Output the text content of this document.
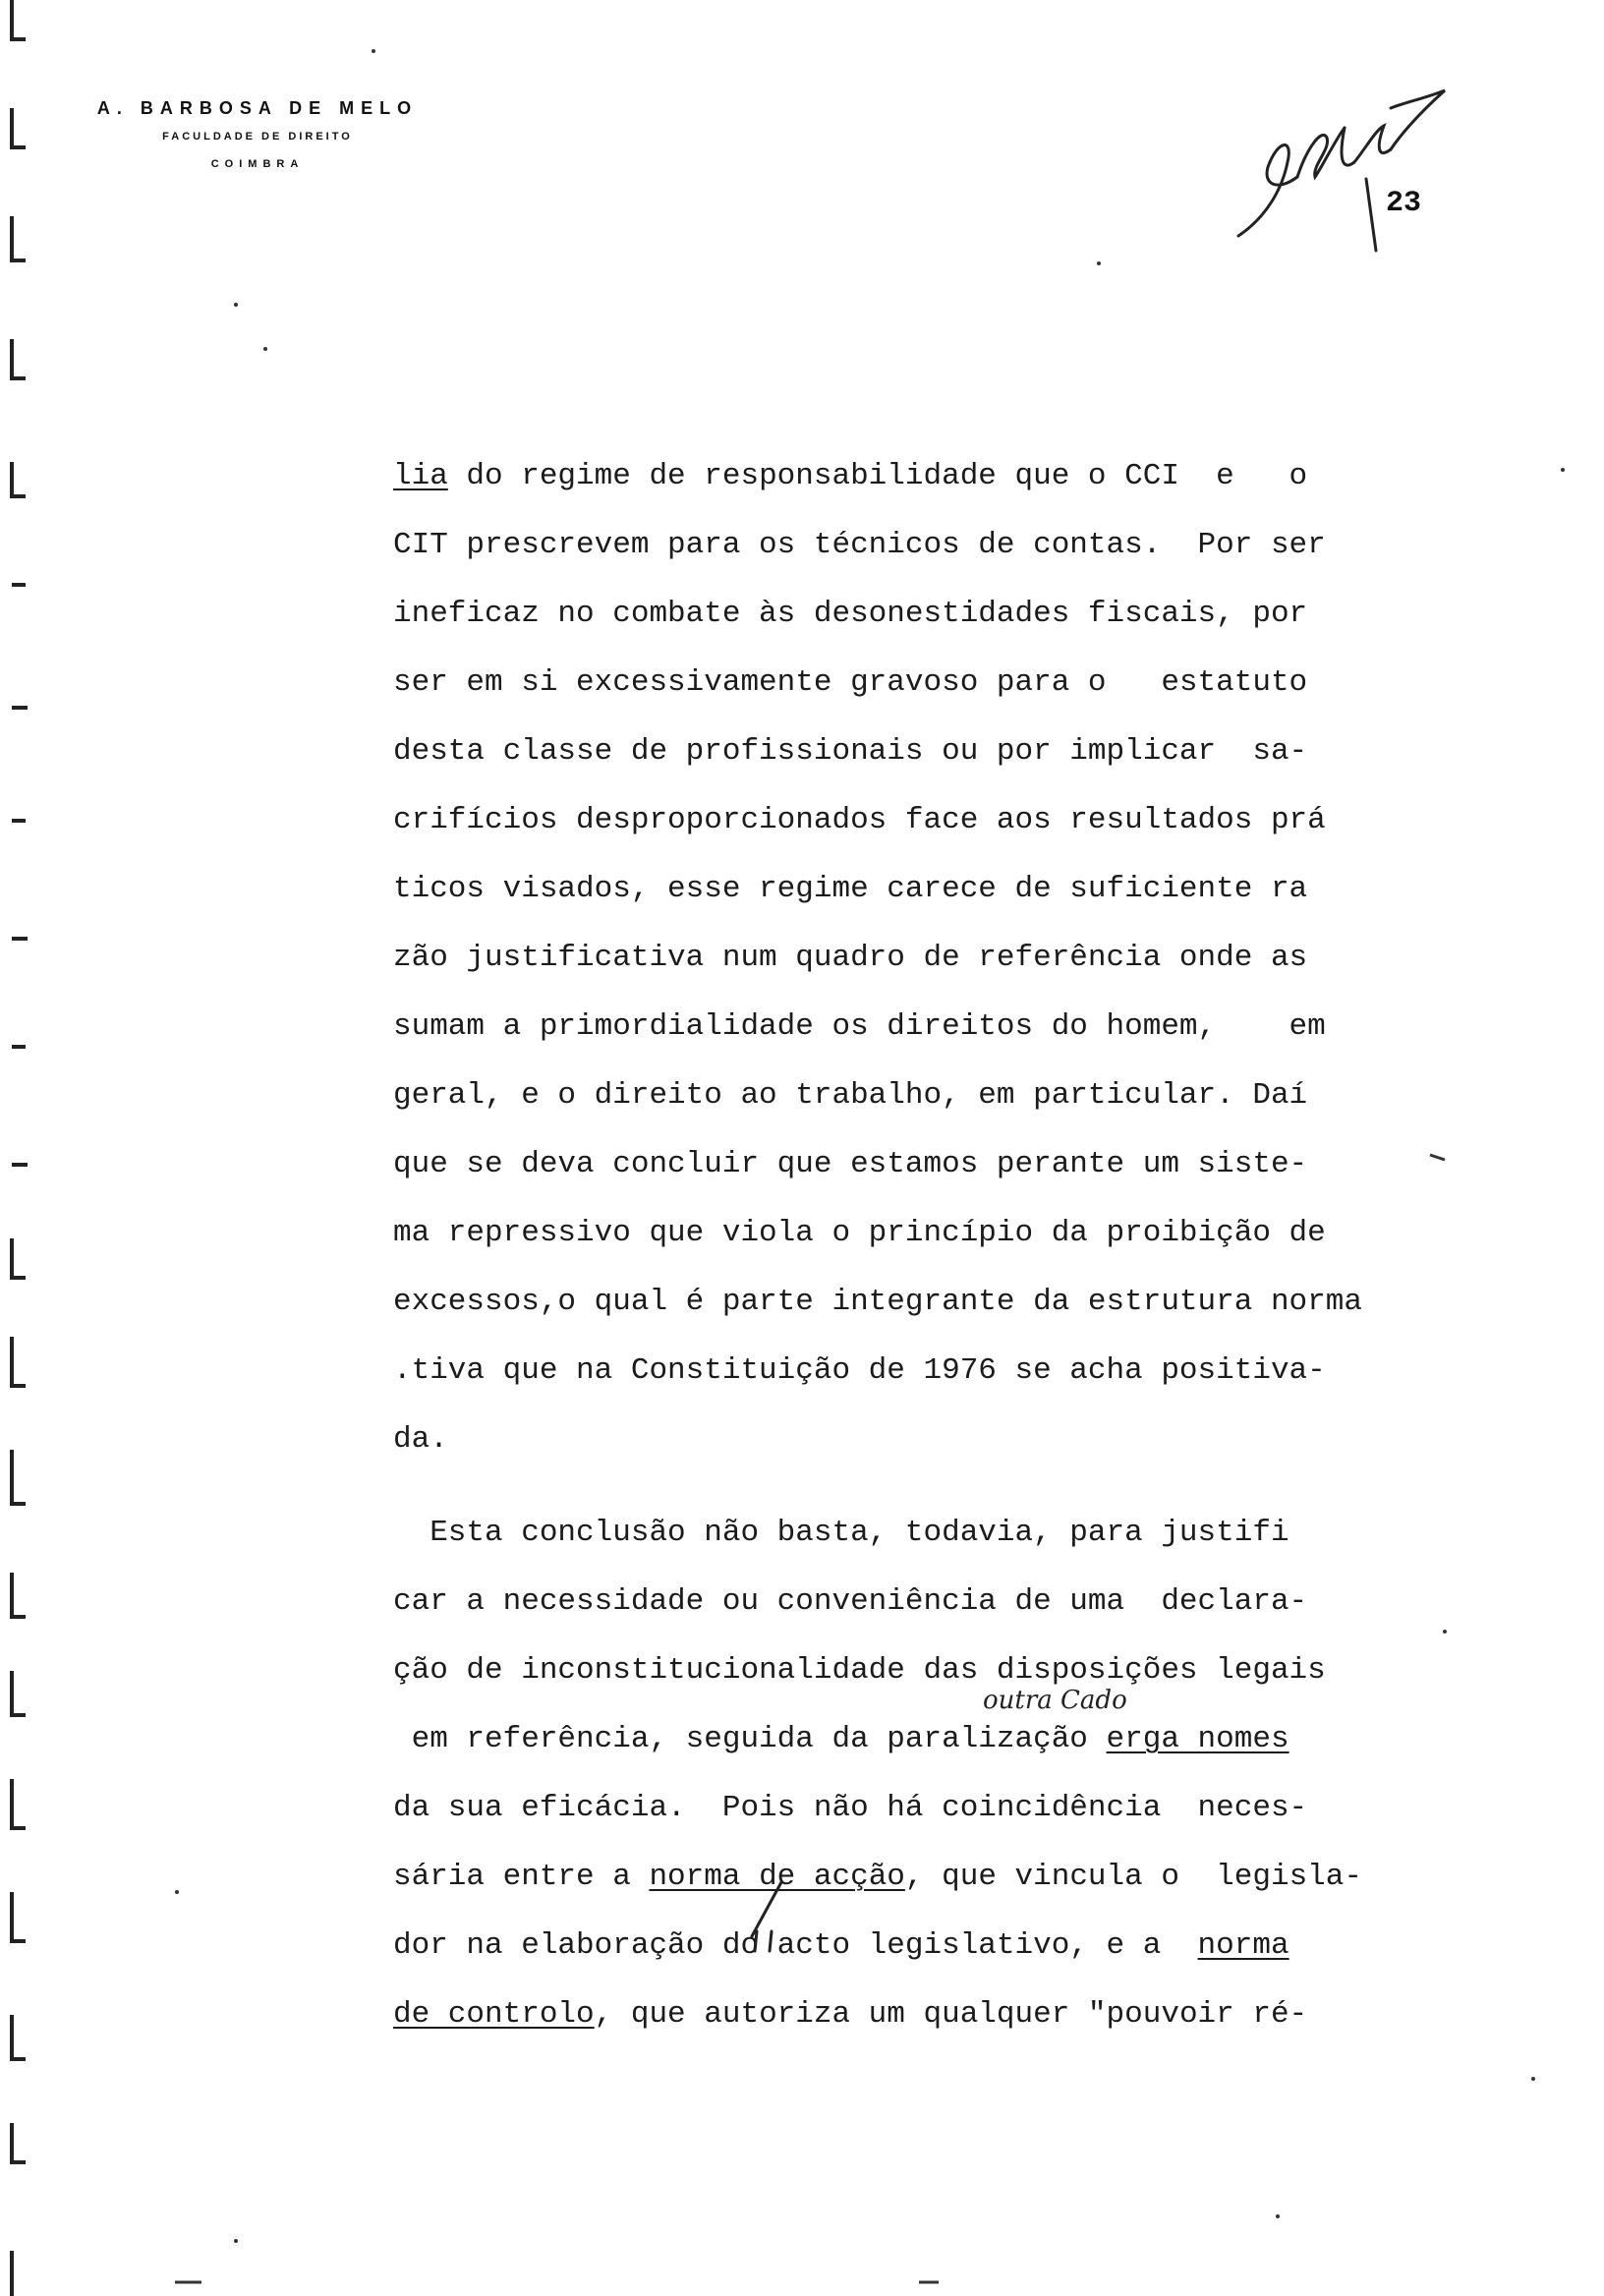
A. BARBOSA DE MELO
FACULDADE DE DIREITO
COIMBRA
23
lia do regime de responsabilidade que o CCI  e   o
CIT prescrevem para os técnicos de contas.  Por ser
ineficaz no combate às desonestidades fiscais, por
ser em si excessivamente gravoso para o   estatuto
desta classe de profissionais ou por implicar  sa-
crifícios desproporcionados face aos resultados prá
ticos visados, esse regime carece de suficiente ra
zão justificativa num quadro de referência onde as
sumam a primordialidade os direitos do homem,    em
geral, e o direito ao trabalho, em particular. Daí
que se deva concluir que estamos perante um siste-
ma repressivo que viola o princípio da proibição de
excessos,o qual é parte integrante da estrutura norma
.tiva que na Constituição de 1976 se acha positiva-
da.
Esta conclusão não basta, todavia, para justifi
car a necessidade ou conveniência de uma  declara-
ção de inconstitucionalidade das disposições legais
em referência, seguida da paralização erga nomes
da sua eficácia.  Pois não há coincidência  neces-
sária entre a norma de acção, que vincula o  legisla-
dor na elaboração do acto legislativo, e a  norma
de controlo, que autoriza um qualquer "pouvoir ré-
outra Cado
